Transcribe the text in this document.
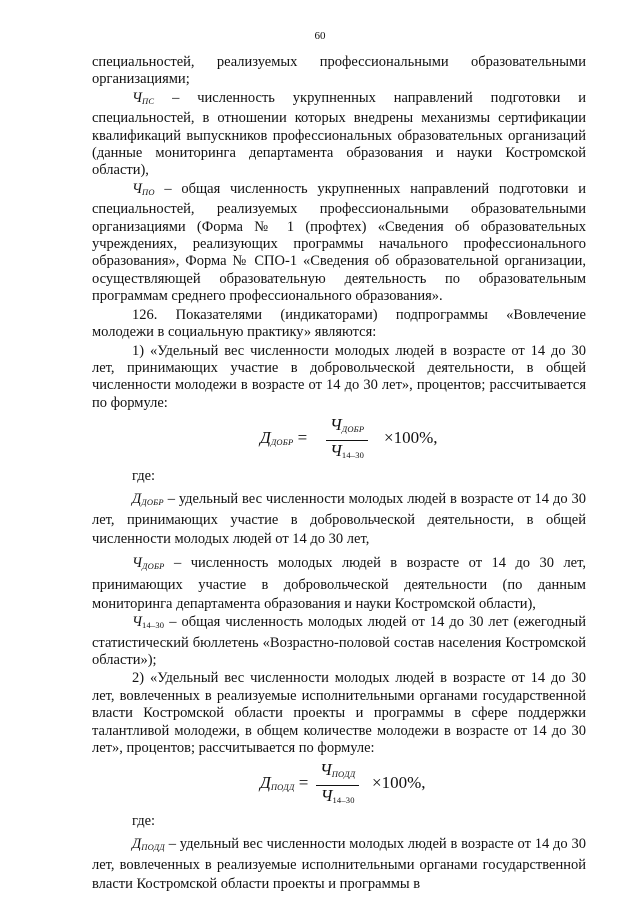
60

специальностей, реализуемых профессиональными образовательными организациями;

$Ч_{ПС}$ – численность укрупненных направлений подготовки и специальностей, в отношении которых внедрены механизмы сертификации квалификаций выпускников профессиональных образовательных организаций (данные мониторинга департамента образования и науки Костромской области),

$Ч_{ПО}$ – общая численность укрупненных направлений подготовки и специальностей, реализуемых профессиональными образовательными организациями (Форма № 1 (профтех) «Сведения об образовательных учреждениях, реализующих программы начального профессионального образования», Форма № СПО-1 «Сведения об образовательной организации, осуществляющей образовательную деятельность по образовательным программам среднего профессионального образования».

126. Показателями (индикаторами) подпрограммы «Вовлечение молодежи в социальную практику» являются:

1) «Удельный вес численности молодых людей в возрасте от 14 до 30 лет, принимающих участие в добровольческой деятельности, в общей численности молодежи в возрасте от 14 до 30 лет», процентов; рассчитывается по формуле:

$Д_{ДОБР}$ =
$Ч_{ДОБР}$
$Ч_{14-30}$
×100%,

где:

$Д_{ДОБР}$ – удельный вес численности молодых людей в возрасте от 14 до 30 лет, принимающих участие в добровольческой деятельности, в общей численности молодых людей от 14 до 30 лет,

$Ч_{ДОБР}$ – численность молодых людей в возрасте от 14 до 30 лет, принимающих участие в добровольческой деятельности (по данным мониторинга департамента образования и науки Костромской области),

$Ч_{14-30}$ – общая численность молодых людей от 14 до 30 лет (ежегодный статистический бюллетень «Возрастно-половой состав населения Костромской области»);

2) «Удельный вес численности молодых людей в возрасте от 14 до 30 лет, вовлеченных в реализуемые исполнительными органами государственной власти Костромской области проекты и программы в сфере поддержки талантливой молодежи, в общем количестве молодежи в возрасте от 14 до 30 лет», процентов; рассчитывается по формуле:

$Д_{ПОДД}$ =
$Ч_{ПОДД}$
$Ч_{14-30}$
×100%,

где:

$Д_{ПОДД}$ – удельный вес численности молодых людей в возрасте от 14 до 30 лет, вовлеченных в реализуемые исполнительными органами государственной власти Костромской области проекты и программы в
